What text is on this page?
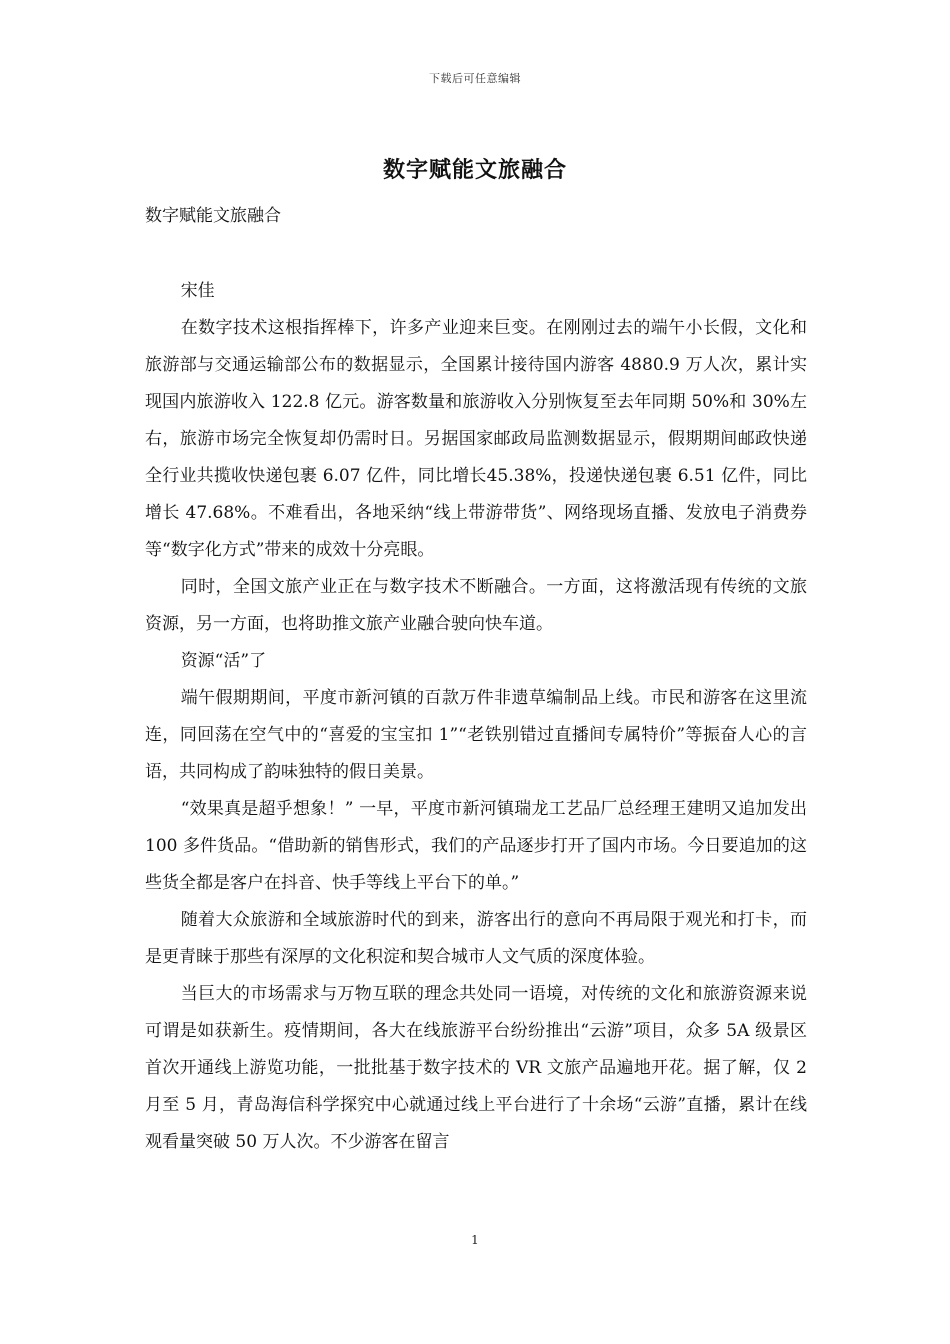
下载后可任意编辑
数字赋能文旅融合
数字赋能文旅融合

宋佳

在数字技术这根指挥棒下，许多产业迎来巨变。在刚刚过去的端午小长假，文化和旅游部与交通运输部公布的数据显示，全国累计接待国内游客 4880.9 万人次，累计实现国内旅游收入 122.8 亿元。游客数量和旅游收入分别恢复至去年同期 50%和 30%左右，旅游市场完全恢复却仍需时日。另据国家邮政局监测数据显示，假期期间邮政快递全行业共揽收快递包裹 6.07 亿件，同比增长45.38%，投递快递包裹 6.51 亿件，同比增长 47.68%。不难看出，各地采纳“线上带游带货”、网络现场直播、发放电子消费券等“数字化方式”带来的成效十分亮眼。

同时，全国文旅产业正在与数字技术不断融合。一方面，这将激活现有传统的文旅资源，另一方面，也将助推文旅产业融合驶向快车道。

资源“活”了

端午假期期间，平度市新河镇的百款万件非遗草编制品上线。市民和游客在这里流连，同回荡在空气中的“喜爱的宝宝扣 1”“老铁别错过直播间专属特价”等振奋人心的言语，共同构成了韵味独特的假日美景。

“效果真是超乎想象！” 一早，平度市新河镇瑞龙工艺品厂总经理王建明又追加发出 100 多件货品。“借助新的销售形式，我们的产品逐步打开了国内市场。今日要追加的这些货全都是客户在抖音、快手等线上平台下的单。”

随着大众旅游和全域旅游时代的到来，游客出行的意向不再局限于观光和打卡，而是更青睐于那些有深厚的文化积淀和契合城市人文气质的深度体验。

当巨大的市场需求与万物互联的理念共处同一语境，对传统的文化和旅游资源来说可谓是如获新生。疫情期间，各大在线旅游平台纷纷推出“云游”项目，众多 5A 级景区首次开通线上游览功能，一批批基于数字技术的 VR 文旅产品遍地开花。据了解，仅 2 月至 5 月，青岛海信科学探究中心就通过线上平台进行了十余场“云游”直播，累计在线观看量突破 50 万人次。不少游客在留言

1
